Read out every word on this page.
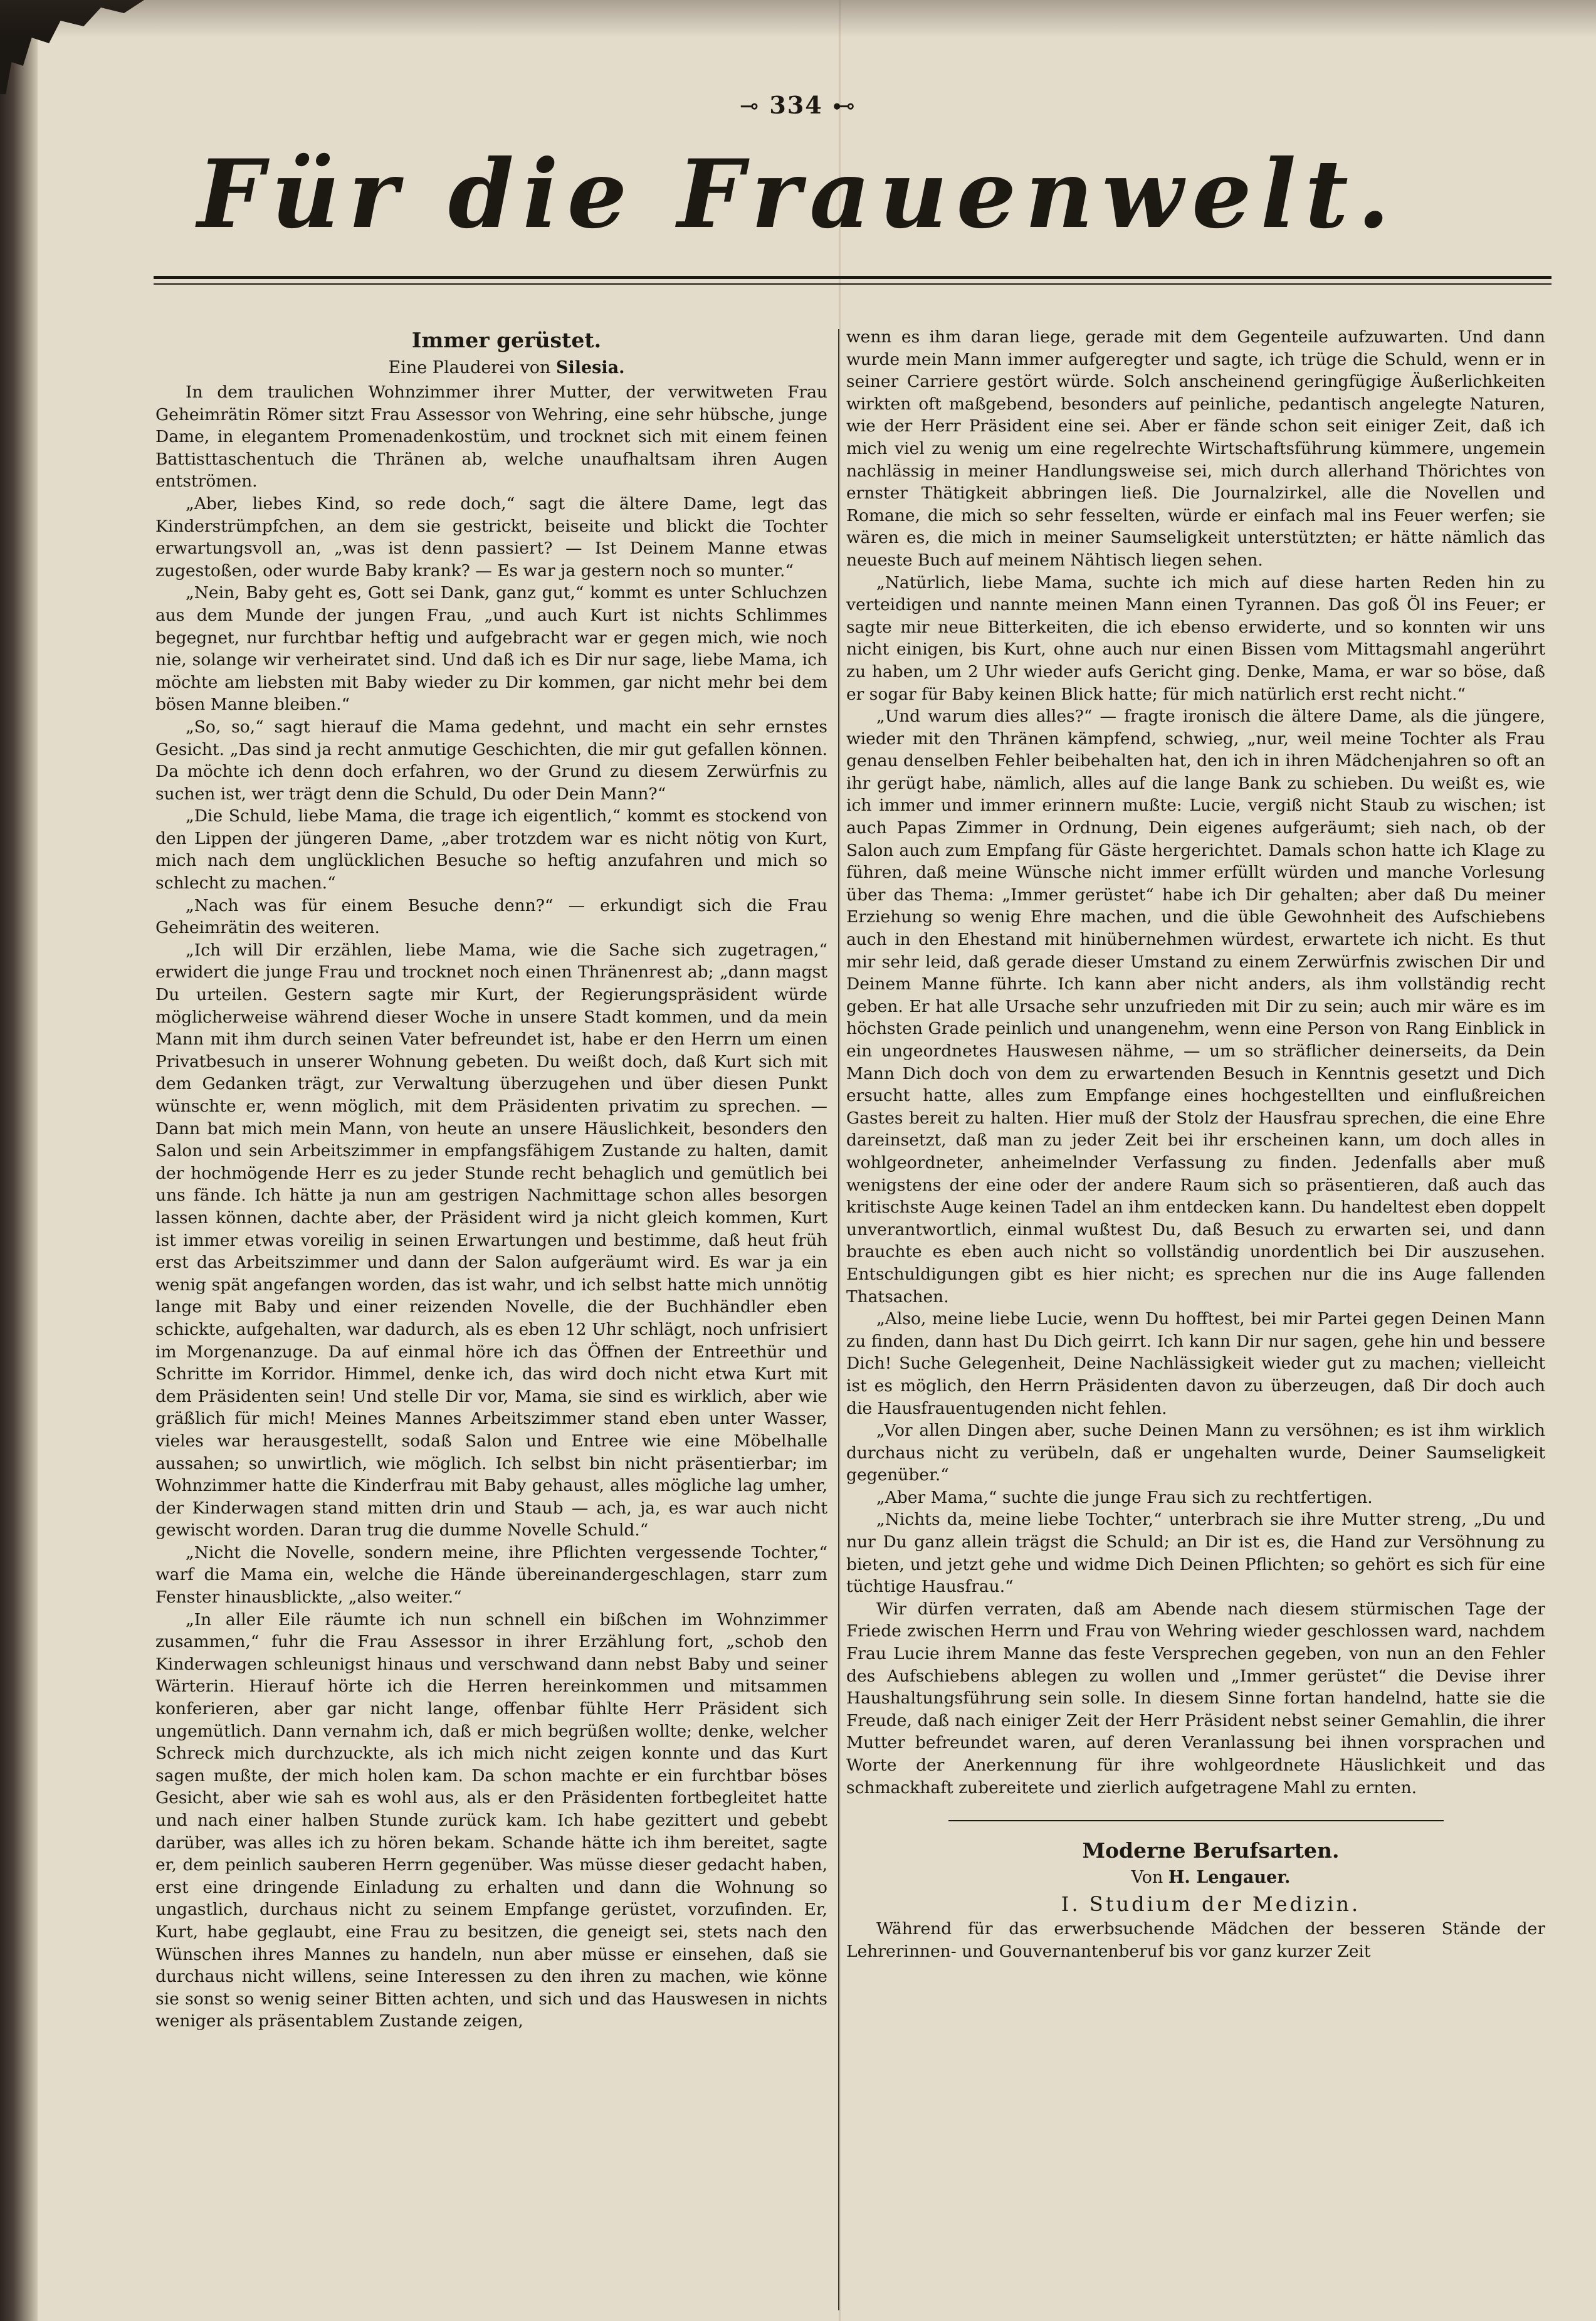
⊸ 334 ⊷
Für die Frauenwelt.

Immer gerüstet.

Eine Plauderei von Silesia.

In dem traulichen Wohnzimmer ihrer Mutter, der verwitweten Frau Geheimrätin Römer sitzt Frau Assessor von Wehring, eine sehr hübsche, junge Dame, in elegantem Promenadenkostüm, und trocknet sich mit einem feinen Battisttaschentuch die Thränen ab, welche unaufhaltsam ihren Augen entströmen.

„Aber, liebes Kind, so rede doch,“ sagt die ältere Dame, legt das Kinderstrümpfchen, an dem sie gestrickt, beiseite und blickt die Tochter erwartungsvoll an, „was ist denn passiert? — Ist Deinem Manne etwas zugestoßen, oder wurde Baby krank? — Es war ja gestern noch so munter.“

„Nein, Baby geht es, Gott sei Dank, ganz gut,“ kommt es unter Schluchzen aus dem Munde der jungen Frau, „und auch Kurt ist nichts Schlimmes begegnet, nur furchtbar heftig und aufgebracht war er gegen mich, wie noch nie, solange wir verheiratet sind. Und daß ich es Dir nur sage, liebe Mama, ich möchte am liebsten mit Baby wieder zu Dir kommen, gar nicht mehr bei dem bösen Manne bleiben.“

„So, so,“ sagt hierauf die Mama gedehnt, und macht ein sehr ernstes Gesicht. „Das sind ja recht anmutige Geschichten, die mir gut gefallen können. Da möchte ich denn doch erfahren, wo der Grund zu diesem Zerwürfnis zu suchen ist, wer trägt denn die Schuld, Du oder Dein Mann?“

„Die Schuld, liebe Mama, die trage ich eigentlich,“ kommt es stockend von den Lippen der jüngeren Dame, „aber trotzdem war es nicht nötig von Kurt, mich nach dem unglücklichen Besuche so heftig anzufahren und mich so schlecht zu machen.“

„Nach was für einem Besuche denn?“ — erkundigt sich die Frau Geheimrätin des weiteren.

„Ich will Dir erzählen, liebe Mama, wie die Sache sich zugetragen,“ erwidert die junge Frau und trocknet noch einen Thränenrest ab; „dann magst Du urteilen. Gestern sagte mir Kurt, der Regierungspräsident würde möglicherweise während dieser Woche in unsere Stadt kommen, und da mein Mann mit ihm durch seinen Vater befreundet ist, habe er den Herrn um einen Privatbesuch in unserer Wohnung gebeten. Du weißt doch, daß Kurt sich mit dem Gedanken trägt, zur Verwaltung überzugehen und über diesen Punkt wünschte er, wenn möglich, mit dem Präsidenten privatim zu sprechen. — Dann bat mich mein Mann, von heute an unsere Häuslichkeit, besonders den Salon und sein Arbeitszimmer in empfangsfähigem Zustande zu halten, damit der hochmögende Herr es zu jeder Stunde recht behaglich und gemütlich bei uns fände. Ich hätte ja nun am gestrigen Nachmittage schon alles besorgen lassen können, dachte aber, der Präsident wird ja nicht gleich kommen, Kurt ist immer etwas voreilig in seinen Erwartungen und bestimme, daß heut früh erst das Arbeitszimmer und dann der Salon aufgeräumt wird. Es war ja ein wenig spät angefangen worden, das ist wahr, und ich selbst hatte mich unnötig lange mit Baby und einer reizenden Novelle, die der Buchhändler eben schickte, aufgehalten, war dadurch, als es eben 12 Uhr schlägt, noch unfrisiert im Morgenanzuge. Da auf einmal höre ich das Öffnen der Entreethür und Schritte im Korridor. Himmel, denke ich, das wird doch nicht etwa Kurt mit dem Präsidenten sein! Und stelle Dir vor, Mama, sie sind es wirklich, aber wie gräßlich für mich! Meines Mannes Arbeitszimmer stand eben unter Wasser, vieles war herausgestellt, sodaß Salon und Entree wie eine Möbelhalle aussahen; so unwirtlich, wie möglich. Ich selbst bin nicht präsentierbar; im Wohnzimmer hatte die Kinderfrau mit Baby gehaust, alles mögliche lag umher, der Kinderwagen stand mitten drin und Staub — ach, ja, es war auch nicht gewischt worden. Daran trug die dumme Novelle Schuld.“

„Nicht die Novelle, sondern meine, ihre Pflichten vergessende Tochter,“ warf die Mama ein, welche die Hände übereinandergeschlagen, starr zum Fenster hinausblickte, „also weiter.“

„In aller Eile räumte ich nun schnell ein bißchen im Wohnzimmer zusammen,“ fuhr die Frau Assessor in ihrer Erzählung fort, „schob den Kinderwagen schleunigst hinaus und verschwand dann nebst Baby und seiner Wärterin. Hierauf hörte ich die Herren hereinkommen und mitsammen konferieren, aber gar nicht lange, offenbar fühlte Herr Präsident sich ungemütlich. Dann vernahm ich, daß er mich begrüßen wollte; denke, welcher Schreck mich durchzuckte, als ich mich nicht zeigen konnte und das Kurt sagen mußte, der mich holen kam. Da schon machte er ein furchtbar böses Gesicht, aber wie sah es wohl aus, als er den Präsidenten fortbegleitet hatte und nach einer halben Stunde zurück kam. Ich habe gezittert und gebebt darüber, was alles ich zu hören bekam. Schande hätte ich ihm bereitet, sagte er, dem peinlich sauberen Herrn gegenüber. Was müsse dieser gedacht haben, erst eine dringende Einladung zu erhalten und dann die Wohnung so ungastlich, durchaus nicht zu seinem Empfange gerüstet, vorzufinden. Er, Kurt, habe geglaubt, eine Frau zu besitzen, die geneigt sei, stets nach den Wünschen ihres Mannes zu handeln, nun aber müsse er einsehen, daß sie durchaus nicht willens, seine Interessen zu den ihren zu machen, wie könne sie sonst so wenig seiner Bitten achten, und sich und das Hauswesen in nichts weniger als präsentablem Zustande zeigen,

wenn es ihm daran liege, gerade mit dem Gegenteile aufzuwarten. Und dann wurde mein Mann immer aufgeregter und sagte, ich trüge die Schuld, wenn er in seiner Carriere gestört würde. Solch anscheinend geringfügige Äußerlichkeiten wirkten oft maßgebend, besonders auf peinliche, pedantisch angelegte Naturen, wie der Herr Präsident eine sei. Aber er fände schon seit einiger Zeit, daß ich mich viel zu wenig um eine regelrechte Wirtschaftsführung kümmere, ungemein nachlässig in meiner Handlungsweise sei, mich durch allerhand Thörichtes von ernster Thätigkeit abbringen ließ. Die Journalzirkel, alle die Novellen und Romane, die mich so sehr fesselten, würde er einfach mal ins Feuer werfen; sie wären es, die mich in meiner Saumseligkeit unterstützten; er hätte nämlich das neueste Buch auf meinem Nähtisch liegen sehen.

„Natürlich, liebe Mama, suchte ich mich auf diese harten Reden hin zu verteidigen und nannte meinen Mann einen Tyrannen. Das goß Öl ins Feuer; er sagte mir neue Bitterkeiten, die ich ebenso erwiderte, und so konnten wir uns nicht einigen, bis Kurt, ohne auch nur einen Bissen vom Mittagsmahl angerührt zu haben, um 2 Uhr wieder aufs Gericht ging. Denke, Mama, er war so böse, daß er sogar für Baby keinen Blick hatte; für mich natürlich erst recht nicht.“

„Und warum dies alles?“ — fragte ironisch die ältere Dame, als die jüngere, wieder mit den Thränen kämpfend, schwieg, „nur, weil meine Tochter als Frau genau denselben Fehler beibehalten hat, den ich in ihren Mädchenjahren so oft an ihr gerügt habe, nämlich, alles auf die lange Bank zu schieben. Du weißt es, wie ich immer und immer erinnern mußte: Lucie, vergiß nicht Staub zu wischen; ist auch Papas Zimmer in Ordnung, Dein eigenes aufgeräumt; sieh nach, ob der Salon auch zum Empfang für Gäste hergerichtet. Damals schon hatte ich Klage zu führen, daß meine Wünsche nicht immer erfüllt würden und manche Vorlesung über das Thema: „Immer gerüstet“ habe ich Dir gehalten; aber daß Du meiner Erziehung so wenig Ehre machen, und die üble Gewohnheit des Aufschiebens auch in den Ehestand mit hinübernehmen würdest, erwartete ich nicht. Es thut mir sehr leid, daß gerade dieser Umstand zu einem Zerwürfnis zwischen Dir und Deinem Manne führte. Ich kann aber nicht anders, als ihm vollständig recht geben. Er hat alle Ursache sehr unzufrieden mit Dir zu sein; auch mir wäre es im höchsten Grade peinlich und unangenehm, wenn eine Person von Rang Einblick in ein ungeordnetes Hauswesen nähme, — um so sträflicher deinerseits, da Dein Mann Dich doch von dem zu erwartenden Besuch in Kenntnis gesetzt und Dich ersucht hatte, alles zum Empfange eines hochgestellten und einflußreichen Gastes bereit zu halten. Hier muß der Stolz der Hausfrau sprechen, die eine Ehre dareinsetzt, daß man zu jeder Zeit bei ihr erscheinen kann, um doch alles in wohlgeordneter, anheimelnder Verfassung zu finden. Jedenfalls aber muß wenigstens der eine oder der andere Raum sich so präsentieren, daß auch das kritischste Auge keinen Tadel an ihm entdecken kann. Du handeltest eben doppelt unverantwortlich, einmal wußtest Du, daß Besuch zu erwarten sei, und dann brauchte es eben auch nicht so vollständig unordentlich bei Dir auszusehen. Entschuldigungen gibt es hier nicht; es sprechen nur die ins Auge fallenden Thatsachen.

„Also, meine liebe Lucie, wenn Du hofftest, bei mir Partei gegen Deinen Mann zu finden, dann hast Du Dich geirrt. Ich kann Dir nur sagen, gehe hin und bessere Dich! Suche Gelegenheit, Deine Nachlässigkeit wieder gut zu machen; vielleicht ist es möglich, den Herrn Präsidenten davon zu überzeugen, daß Dir doch auch die Hausfrauentugenden nicht fehlen.

„Vor allen Dingen aber, suche Deinen Mann zu versöhnen; es ist ihm wirklich durchaus nicht zu verübeln, daß er ungehalten wurde, Deiner Saumseligkeit gegenüber.“

„Aber Mama,“ suchte die junge Frau sich zu rechtfertigen.

„Nichts da, meine liebe Tochter,“ unterbrach sie ihre Mutter streng, „Du und nur Du ganz allein trägst die Schuld; an Dir ist es, die Hand zur Versöhnung zu bieten, und jetzt gehe und widme Dich Deinen Pflichten; so gehört es sich für eine tüchtige Hausfrau.“

Wir dürfen verraten, daß am Abende nach diesem stürmischen Tage der Friede zwischen Herrn und Frau von Wehring wieder geschlossen ward, nachdem Frau Lucie ihrem Manne das feste Versprechen gegeben, von nun an den Fehler des Aufschiebens ablegen zu wollen und „Immer gerüstet“ die Devise ihrer Haushaltungsführung sein solle. In diesem Sinne fortan handelnd, hatte sie die Freude, daß nach einiger Zeit der Herr Präsident nebst seiner Gemahlin, die ihrer Mutter befreundet waren, auf deren Veranlassung bei ihnen vorsprachen und Worte der Anerkennung für ihre wohlgeordnete Häuslichkeit und das schmackhaft zubereitete und zierlich aufgetragene Mahl zu ernten.

Moderne Berufsarten.

Von H. Lengauer.

I. Studium der Medizin.

Während für das erwerbsuchende Mädchen der besseren Stände der Lehrerinnen- und Gouvernantenberuf bis vor ganz kurzer Zeit
